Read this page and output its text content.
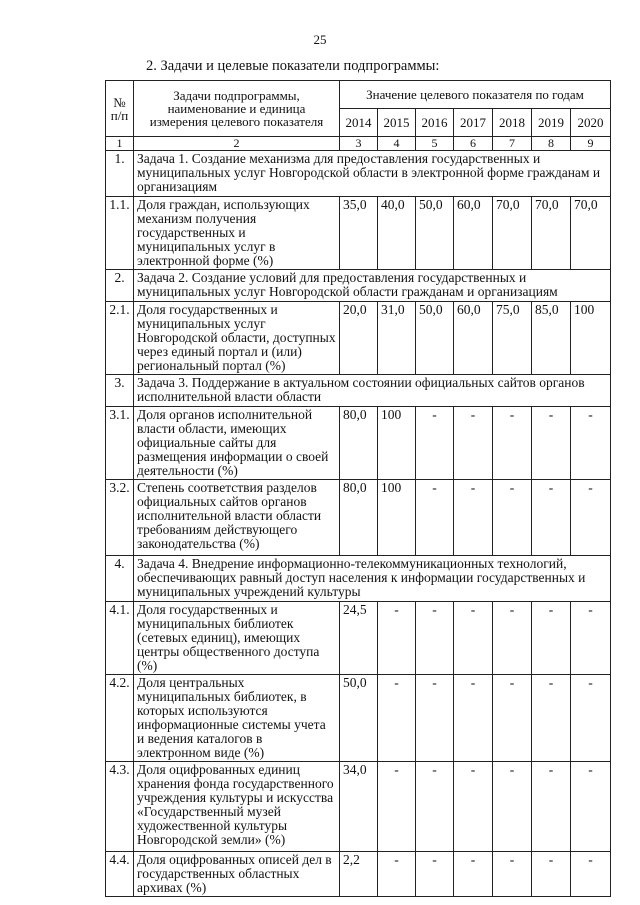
25
2. Задачи и целевые показатели подпрограммы:
№
п/п	Задачи подпрограммы, наименование и единица измерения целевого показателя	Значение целевого показателя по годам						
		2014	2015	2016	2017	2018	2019	2020
1	2	3	4	5	6	7	8	9
1.	Задача 1. Создание механизма для предоставления государственных и муниципальных услуг Новгородской области в электронной форме гражданам и организациям							
1.1.	Доля граждан, использующих механизм получения государственных и муниципальных услуг в электронной форме (%)	35,0	40,0	50,0	60,0	70,0	70,0	70,0
2.	Задача 2. Создание условий для предоставления государственных и муниципальных услуг Новгородской области гражданам и организациям							
2.1.	Доля государственных и муниципальных услуг Новгородской области, доступных через единый портал и (или) региональный портал (%)	20,0	31,0	50,0	60,0	75,0	85,0	100
3.	Задача 3. Поддержание в актуальном состоянии официальных сайтов органов исполнительной власти области							
3.1.	Доля органов исполнительной власти области, имеющих официальные сайты для размещения информации о своей деятельности (%)	80,0	100	-	-	-	-	-
3.2.	Степень соответствия разделов официальных сайтов органов исполнительной власти области требованиям действующего законодательства (%)	80,0	100	-	-	-	-	-
4.	Задача 4. Внедрение информационно-телекоммуникационных технологий, обеспечивающих равный доступ населения к информации государственных и муниципальных учреждений культуры							
4.1.	Доля государственных и муниципальных библиотек (сетевых единиц), имеющих центры общественного доступа (%)	24,5	-	-	-	-	-	-
4.2.	Доля центральных муниципальных библиотек, в которых используются информационные системы учета и ведения каталогов в электронном виде (%)	50,0	-	-	-	-	-	-
4.3.	Доля оцифрованных единиц хранения фонда государственного учреждения культуры и искусства «Государственный музей художественной культуры Новгородской земли» (%)	34,0	-	-	-	-	-	-
4.4.	Доля оцифрованных описей дел в государственных областных архивах (%)	2,2	-	-	-	-	-	-
